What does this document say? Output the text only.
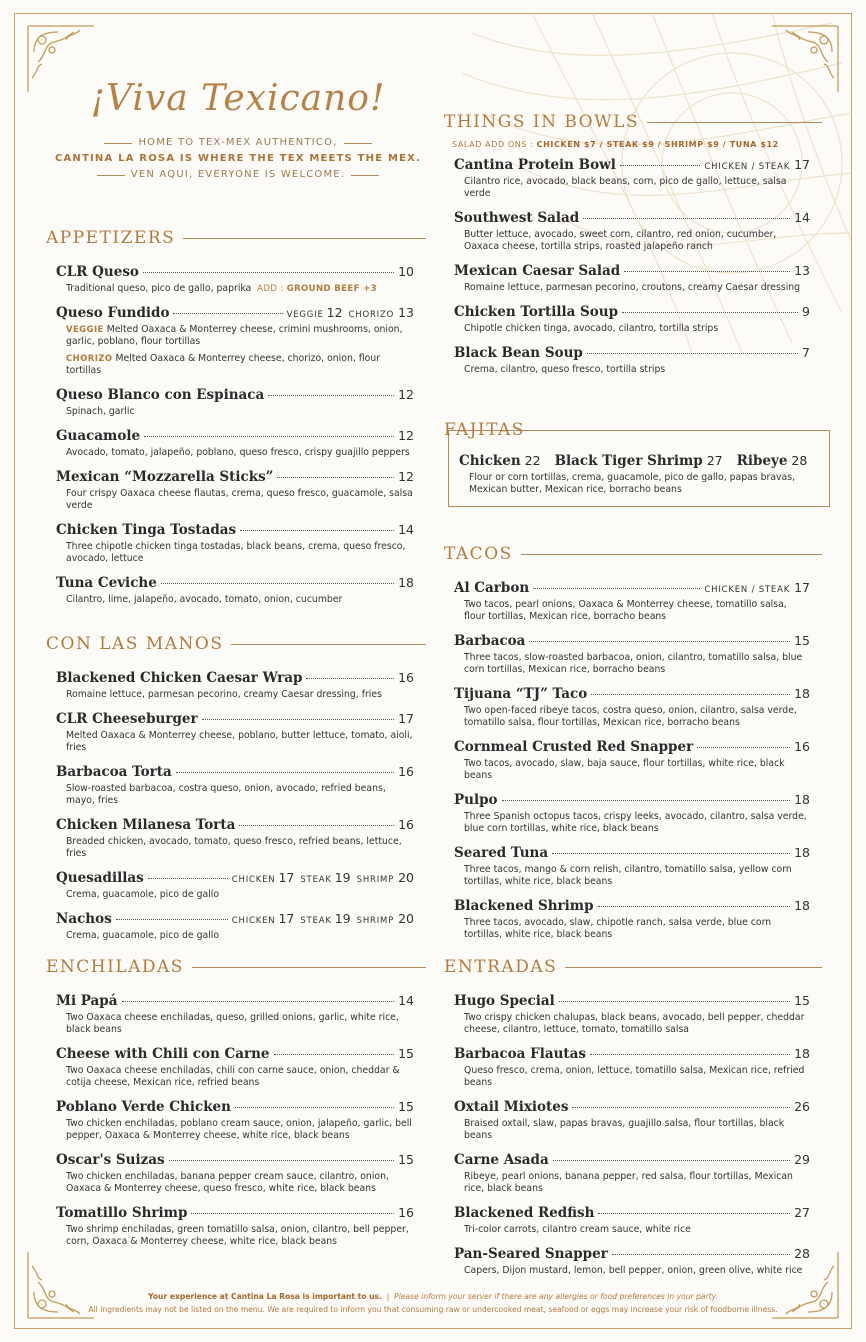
¡Viva Texicano!
HOME TO TEX-MEX AUTHENTICO,
CANTINA LA ROSA IS WHERE THE TEX MEETS THE MEX.
VEN AQUI, EVERYONE IS WELCOME.
APPETIZERS
CLR Queso	10
Traditional queso, pico de gallo, paprika ADD : GROUND BEEF +3
Queso Fundido	VEGGIE 12 CHORIZO 13
VEGGIE Melted Oaxaca & Monterrey cheese, crimini mushrooms, onion, garlic, poblano, flour tortillas
CHORIZO Melted Oaxaca & Monterrey cheese, chorizo, onion, flour tortillas
Queso Blanco con Espinaca	12
Spinach, garlic
Guacamole	12
Avocado, tomato, jalapeño, poblano, queso fresco, crispy guajillo peppers
Mexican “Mozzarella Sticks”	12
Four crispy Oaxaca cheese flautas, crema, queso fresco, guacamole, salsa verde
Chicken Tinga Tostadas	14
Three chipotle chicken tinga tostadas, black beans, crema, queso fresco, avocado, lettuce
Tuna Ceviche	18
Cilantro, lime, jalapeño, avocado, tomato, onion, cucumber
CON LAS MANOS
Blackened Chicken Caesar Wrap	16
Romaine lettuce, parmesan pecorino, creamy Caesar dressing, fries
CLR Cheeseburger	17
Melted Oaxaca & Monterrey cheese, poblano, butter lettuce, tomato, aioli, fries
Barbacoa Torta	16
Slow-roasted barbacoa, costra queso, onion, avocado, refried beans, mayo, fries
Chicken Milanesa Torta	16
Breaded chicken, avocado, tomato, queso fresco, refried beans, lettuce, fries
Quesadillas	CHICKEN 17 STEAK 19 SHRIMP 20
Crema, guacamole, pico de gallo
Nachos	CHICKEN 17 STEAK 19 SHRIMP 20
Crema, guacamole, pico de gallo
ENCHILADAS
Mi Papá	14
Two Oaxaca cheese enchiladas, queso, grilled onions, garlic, white rice, black beans
Cheese with Chili con Carne	15
Two Oaxaca cheese enchiladas, chili con carne sauce, onion, cheddar & cotija cheese, Mexican rice, refried beans
Poblano Verde Chicken	15
Two chicken enchiladas, poblano cream sauce, onion, jalapeño, garlic, bell pepper, Oaxaca & Monterrey cheese, white rice, black beans
Oscar's Suizas	15
Two chicken enchiladas, banana pepper cream sauce, cilantro, onion, Oaxaca & Monterrey cheese, queso fresco, white rice, black beans
Tomatillo Shrimp	16
Two shrimp enchiladas, green tomatillo salsa, onion, cilantro, bell pepper, corn, Oaxaca & Monterrey cheese, white rice, black beans
THINGS IN BOWLS
SALAD ADD ONS : CHICKEN $7 / STEAK $9 / SHRIMP $9 / TUNA $12
Cantina Protein Bowl	CHICKEN / STEAK 17
Cilantro rice, avocado, black beans, corn, pico de gallo, lettuce, salsa verde
Southwest Salad	14
Butter lettuce, avocado, sweet corn, cilantro, red onion, cucumber, Oaxaca cheese, tortilla strips, roasted jalapeño ranch
Mexican Caesar Salad	13
Romaine lettuce, parmesan pecorino, croutons, creamy Caesar dressing
Chicken Tortilla Soup	9
Chipotle chicken tinga, avocado, cilantro, tortilla strips
Black Bean Soup	7
Crema, cilantro, queso fresco, tortilla strips
FAJITAS
Chicken 22 Black Tiger Shrimp 27 Ribeye 28
Flour or corn tortillas, crema, guacamole, pico de gallo, papas bravas, Mexican butter, Mexican rice, borracho beans
TACOS
Al Carbon	CHICKEN / STEAK 17
Two tacos, pearl onions, Oaxaca & Monterrey cheese, tomatillo salsa, flour tortillas, Mexican rice, borracho beans
Barbacoa	15
Three tacos, slow-roasted barbacoa, onion, cilantro, tomatillo salsa, blue corn tortillas, Mexican rice, borracho beans
Tijuana “TJ” Taco	18
Two open-faced ribeye tacos, costra queso, onion, cilantro, salsa verde, tomatillo salsa, flour tortillas, Mexican rice, borracho beans
Cornmeal Crusted Red Snapper	16
Two tacos, avocado, slaw, baja sauce, flour tortillas, white rice, black beans
Pulpo	18
Three Spanish octopus tacos, crispy leeks, avocado, cilantro, salsa verde, blue corn tortillas, white rice, black beans
Seared Tuna	18
Three tacos, mango & corn relish, cilantro, tomatillo salsa, yellow corn tortillas, white rice, black beans
Blackened Shrimp	18
Three tacos, avocado, slaw, chipotle ranch, salsa verde, blue corn tortillas, white rice, black beans
ENTRADAS
Hugo Special	15
Two crispy chicken chalupas, black beans, avocado, bell pepper, cheddar cheese, cilantro, lettuce, tomato, tomatillo salsa
Barbacoa Flautas	18
Queso fresco, crema, onion, lettuce, tomatillo salsa, Mexican rice, refried beans
Oxtail Mixiotes	26
Braised oxtail, slaw, papas bravas, guajillo salsa, flour tortillas, black beans
Carne Asada	29
Ribeye, pearl onions, banana pepper, red salsa, flour tortillas, Mexican rice, black beans
Blackened Redfish	27
Tri-color carrots, cilantro cream sauce, white rice
Pan-Seared Snapper	28
Capers, Dijon mustard, lemon, bell pepper, onion, green olive, white rice
Your experience at Cantina La Rosa is important to us. | Please inform your server if there are any allergies or food preferences in your party.
All ingredients may not be listed on the menu. We are required to inform you that consuming raw or undercooked meat, seafood or eggs may increase your risk of foodborne illness.
